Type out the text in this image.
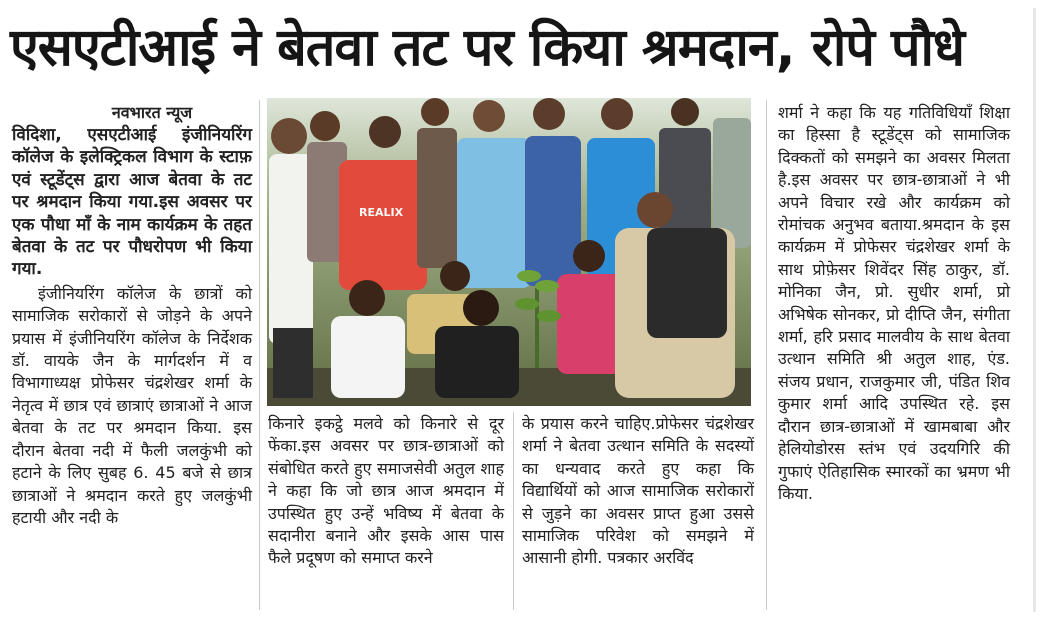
एसएटीआई ने बेतवा तट पर किया श्रमदान, रोपे पौधे
नवभारत न्यूज
विदिशा, एसएटीआई इंजीनियरिंग कॉलेज के इलेक्ट्रिकल विभाग के स्टाफ़ एवं स्टूडेंट्स द्वारा आज बेतवा के तट पर श्रमदान किया गया.इस अवसर पर एक पौधा माँ के नाम कार्यक्रम के तहत बेतवा के तट पर पौधरोपण भी किया गया.
इंजीनियरिंग कॉलेज के छात्रों को सामाजिक सरोकारों से जोड़ने के अपने प्रयास में इंजीनियरिंग कॉलेज के निर्देशक डॉ. वायके जैन के मार्गदर्शन में व विभागाध्यक्ष प्रोफेसर चंद्रशेखर शर्मा के नेतृत्व में छात्र एवं छात्राएं छात्राओं ने आज बेतवा के तट पर श्रमदान किया. इस दौरान बेतवा नदी में फैली जलकुंभी को हटाने के लिए सुबह 6. 45 बजे से छात्र छात्राओं ने श्रमदान करते हुए जलकुंभी हटायी और नदी के
REALIX
किनारे इकट्ठे मलवे को किनारे से दूर फेंका.इस अवसर पर छात्र-छात्राओं को संबोधित करते हुए समाजसेवी अतुल शाह ने कहा कि जो छात्र आज श्रमदान में उपस्थित हुए उन्हें भविष्य में बेतवा के सदानीरा बनाने और इसके आस पास फैले प्रदूषण को समाप्त करने
के प्रयास करने चाहिए.प्रोफेसर चंद्रशेखर शर्मा ने बेतवा उत्थान समिति के सदस्यों का धन्यवाद करते हुए कहा कि विद्यार्थियों को आज सामाजिक सरोकारों से जुड़ने का अवसर प्राप्त हुआ उससे सामाजिक परिवेश को समझने में आसानी होगी. पत्रकार अरविंद
शर्मा ने कहा कि यह गतिविधियाँ शिक्षा का हिस्सा है स्टूडेंट्स को सामाजिक दिक्कतों को समझने का अवसर मिलता है.इस अवसर पर छात्र-छात्राओं ने भी अपने विचार रखे और कार्यक्रम को रोमांचक अनुभव बताया.श्रमदान के इस कार्यक्रम में प्रोफेसर चंद्रशेखर शर्मा के साथ प्रोफ़ेसर शिवेंदर सिंह ठाकुर, डॉ. मोनिका जैन, प्रो. सुधीर शर्मा, प्रो अभिषेक सोनकर, प्रो दीप्ति जैन, संगीता शर्मा, हरि प्रसाद मालवीय के साथ बेतवा उत्थान समिति श्री अतुल शाह, एंड. संजय प्रधान, राजकुमार जी, पंडित शिव कुमार शर्मा आदि उपस्थित रहे. इस दौरान छात्र-छात्राओं में खामबाबा और हेलियोडोरस स्तंभ एवं उदयगिरि की गुफाएं ऐतिहासिक स्मारकों का भ्रमण भी किया.
